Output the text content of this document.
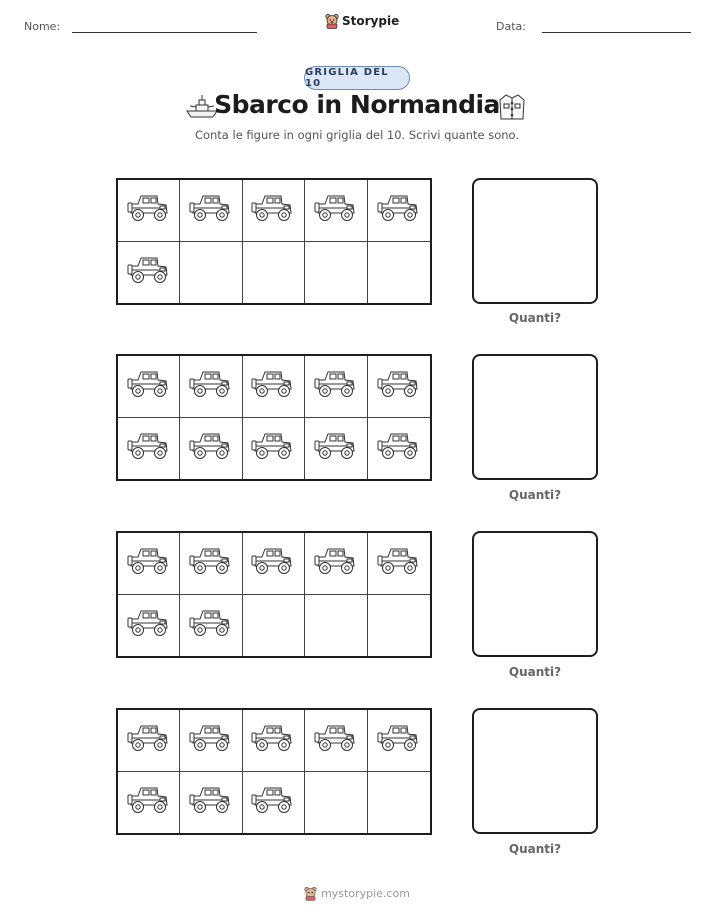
Nome:	Storypie	Data:
GRIGLIA DEL 10
Sbarco in Normandia
Conta le figure in ogni griglia del 10. Scrivi quante sono.
Quanti?
Quanti?
Quanti?
Quanti?
mystorypie.com
